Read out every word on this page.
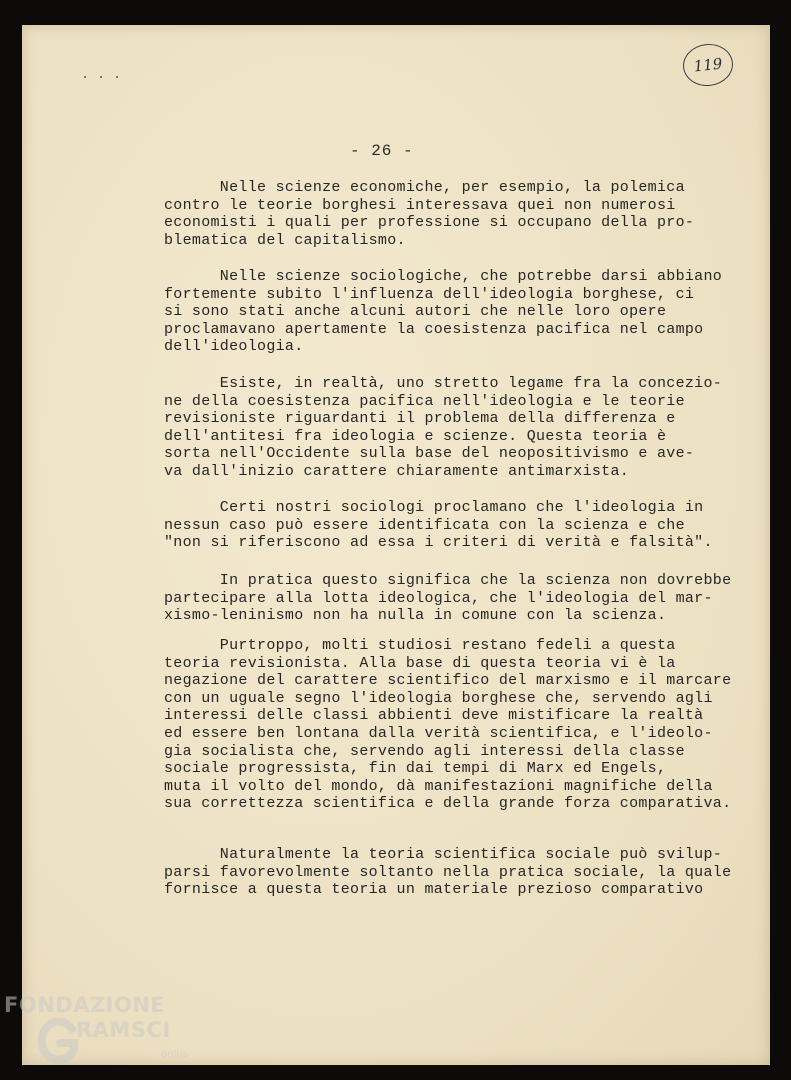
119
- 26 -
Nelle scienze economiche, per esempio, la polemica
contro le teorie borghesi interessava quei non numerosi
economisti i quali per professione si occupano della pro-
blematica del capitalismo.
Nelle scienze sociologiche, che potrebbe darsi abbiano
fortemente subito l'influenza dell'ideologia borghese, ci
si sono stati anche alcuni autori che nelle loro opere
proclamavano apertamente la coesistenza pacifica nel campo
dell'ideologia.
Esiste, in realtà, uno stretto legame fra la concezio-
ne della coesistenza pacifica nell'ideologia e le teorie
revisioniste riguardanti il problema della differenza e
dell'antitesi fra ideologia e scienze. Questa teoria è
sorta nell'Occidente sulla base del neopositivismo e ave-
va dall'inizio carattere chiaramente antimarxista.
Certi nostri sociologi proclamano che l'ideologia in
nessun caso può essere identificata con la scienza e che
"non si riferiscono ad essa i criteri di verità e falsità".
In pratica questo significa che la scienza non dovrebbe
partecipare alla lotta ideologica, che l'ideologia del mar-
xismo-leninismo non ha nulla in comune con la scienza.
Purtroppo, molti studiosi restano fedeli a questa
teoria revisionista. Alla base di questa teoria vi è la
negazione del carattere scientifico del marxismo e il marcare
con un uguale segno l'ideologia borghese che, servendo agli
interessi delle classi abbienti deve mistificare la realtà
ed essere ben lontana dalla verità scientifica, e l'ideolo-
gia socialista che, servendo agli interessi della classe
sociale progressista, fin dai tempi di Marx ed Engels,
muta il volto del mondo, dà manifestazioni magnifiche della
sua correttezza scientifica e della grande forza comparativa.
Naturalmente la teoria scientifica sociale può svilup-
parsi favorevolmente soltanto nella pratica sociale, la quale
fornisce a questa teoria un materiale prezioso comparativo
FONDAZIONE
RAMSCI
onlus
